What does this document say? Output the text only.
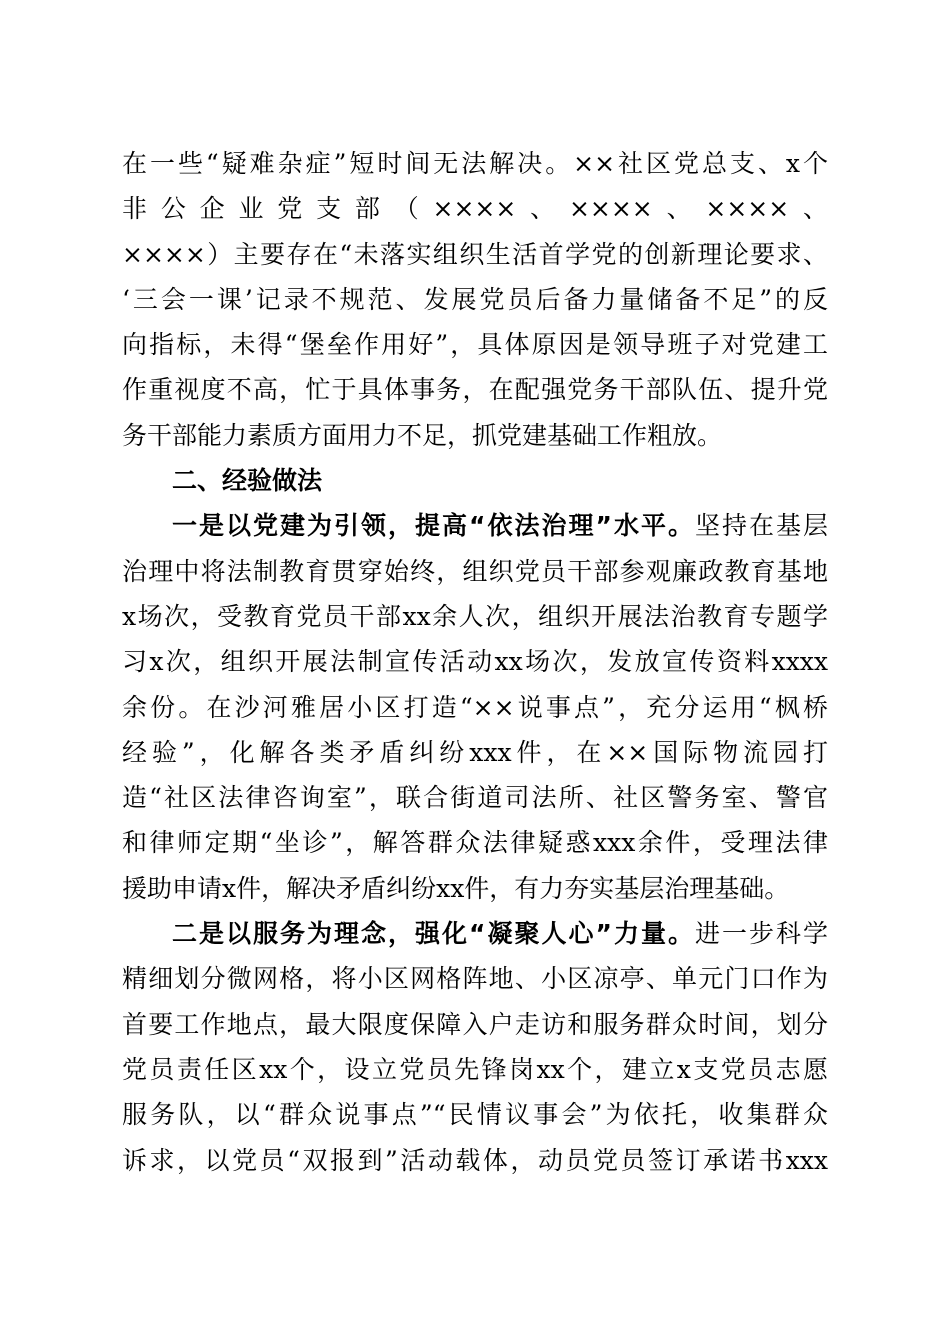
在一些“疑难杂症”短时间无法解决。××社区党总支、x个
非公企业党支部（××××、××××、××××、
××××）主要存在“未落实组织生活首学党的创新理论要求、
‘三会一课’记录不规范、发展党员后备力量储备不足”的反
向指标，未得“堡垒作用好”，具体原因是领导班子对党建工
作重视度不高，忙于具体事务，在配强党务干部队伍、提升党
务干部能力素质方面用力不足，抓党建基础工作粗放。
二、经验做法
一是以党建为引领，提高“依法治理”水平。坚持在基层
治理中将法制教育贯穿始终，组织党员干部参观廉政教育基地
x场次，受教育党员干部xx余人次，组织开展法治教育专题学
习x次，组织开展法制宣传活动xx场次，发放宣传资料xxxx
余份。在沙河雅居小区打造“××说事点”，充分运用“枫桥
经验”，化解各类矛盾纠纷xxx件，在××国际物流园打
造“社区法律咨询室”，联合街道司法所、社区警务室、警官
和律师定期“坐诊”，解答群众法律疑惑xxx余件，受理法律
援助申请x件，解决矛盾纠纷xx件，有力夯实基层治理基础。
二是以服务为理念，强化“凝聚人心”力量。进一步科学
精细划分微网格，将小区网格阵地、小区凉亭、单元门口作为
首要工作地点，最大限度保障入户走访和服务群众时间，划分
党员责任区xx个，设立党员先锋岗xx个，建立x支党员志愿
服务队，以“群众说事点”“民情议事会”为依托，收集群众
诉求，以党员“双报到”活动载体，动员党员签订承诺书xxx
